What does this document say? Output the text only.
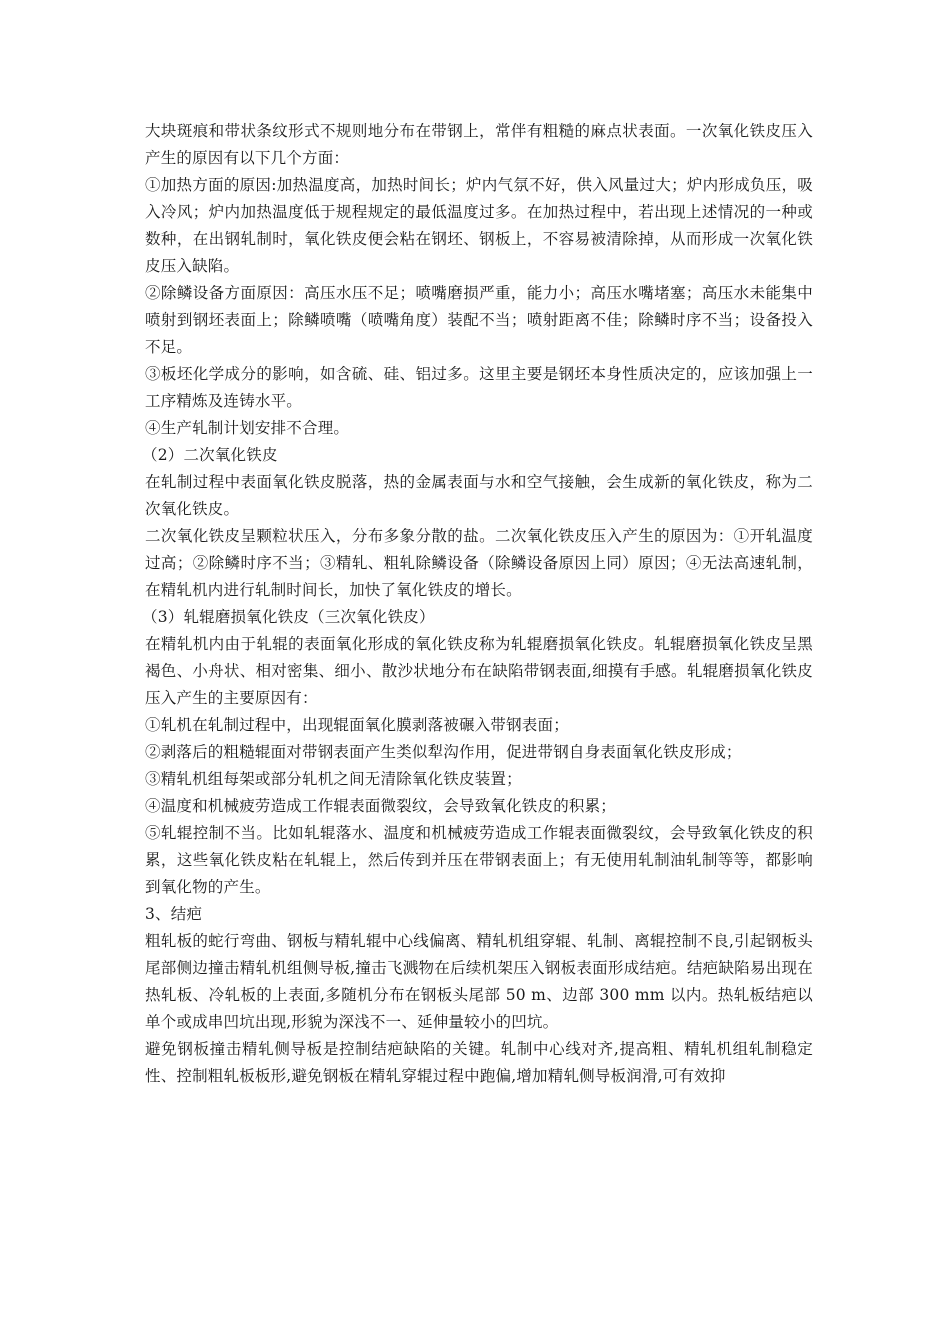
大块斑痕和带状条纹形式不规则地分布在带钢上，常伴有粗糙的麻点状表面。一次氧化铁皮压入产生的原因有以下几个方面：

①加热方面的原因:加热温度高，加热时间长；炉内气氛不好，供入风量过大；炉内形成负压，吸入冷风；炉内加热温度低于规程规定的最低温度过多。在加热过程中，若出现上述情况的一种或数种，在出钢轧制时，氧化铁皮便会粘在钢坯、钢板上，不容易被清除掉，从而形成一次氧化铁皮压入缺陷。

②除鳞设备方面原因：高压水压不足；喷嘴磨损严重，能力小；高压水嘴堵塞；高压水未能集中喷射到钢坯表面上；除鳞喷嘴（喷嘴角度）装配不当；喷射距离不佳；除鳞时序不当；设备投入不足。

③板坯化学成分的影响，如含硫、硅、铝过多。这里主要是钢坯本身性质决定的，应该加强上一工序精炼及连铸水平。

④生产轧制计划安排不合理。

（2）二次氧化铁皮

在轧制过程中表面氧化铁皮脱落，热的金属表面与水和空气接触，会生成新的氧化铁皮，称为二次氧化铁皮。

二次氧化铁皮呈颗粒状压入，分布多象分散的盐。二次氧化铁皮压入产生的原因为：①开轧温度过高；②除鳞时序不当；③精轧、粗轧除鳞设备（除鳞设备原因上同）原因；④无法高速轧制，在精轧机内进行轧制时间长，加快了氧化铁皮的增长。

（3）轧辊磨损氧化铁皮（三次氧化铁皮）

在精轧机内由于轧辊的表面氧化形成的氧化铁皮称为轧辊磨损氧化铁皮。轧辊磨损氧化铁皮呈黑褐色、小舟状、相对密集、细小、散沙状地分布在缺陷带钢表面,细摸有手感。轧辊磨损氧化铁皮压入产生的主要原因有：

①轧机在轧制过程中，出现辊面氧化膜剥落被碾入带钢表面；

②剥落后的粗糙辊面对带钢表面产生类似犁沟作用，促进带钢自身表面氧化铁皮形成；

③精轧机组每架或部分轧机之间无清除氧化铁皮装置；

④温度和机械疲劳造成工作辊表面微裂纹，会导致氧化铁皮的积累；

⑤轧辊控制不当。比如轧辊落水、温度和机械疲劳造成工作辊表面微裂纹，会导致氧化铁皮的积累，这些氧化铁皮粘在轧辊上，然后传到并压在带钢表面上；有无使用轧制油轧制等等，都影响到氧化物的产生。

3、结疤

粗轧板的蛇行弯曲、钢板与精轧辊中心线偏离、精轧机组穿辊、轧制、离辊控制不良,引起钢板头尾部侧边撞击精轧机组侧导板,撞击飞溅物在后续机架压入钢板表面形成结疤。结疤缺陷易出现在热轧板、冷轧板的上表面,多随机分布在钢板头尾部 50 m、边部 300 mm 以内。热轧板结疤以单个或成串凹坑出现,形貌为深浅不一、延伸量较小的凹坑。

避免钢板撞击精轧侧导板是控制结疤缺陷的关键。轧制中心线对齐,提高粗、精轧机组轧制稳定性、控制粗轧板板形,避免钢板在精轧穿辊过程中跑偏,增加精轧侧导板润滑,可有效抑
